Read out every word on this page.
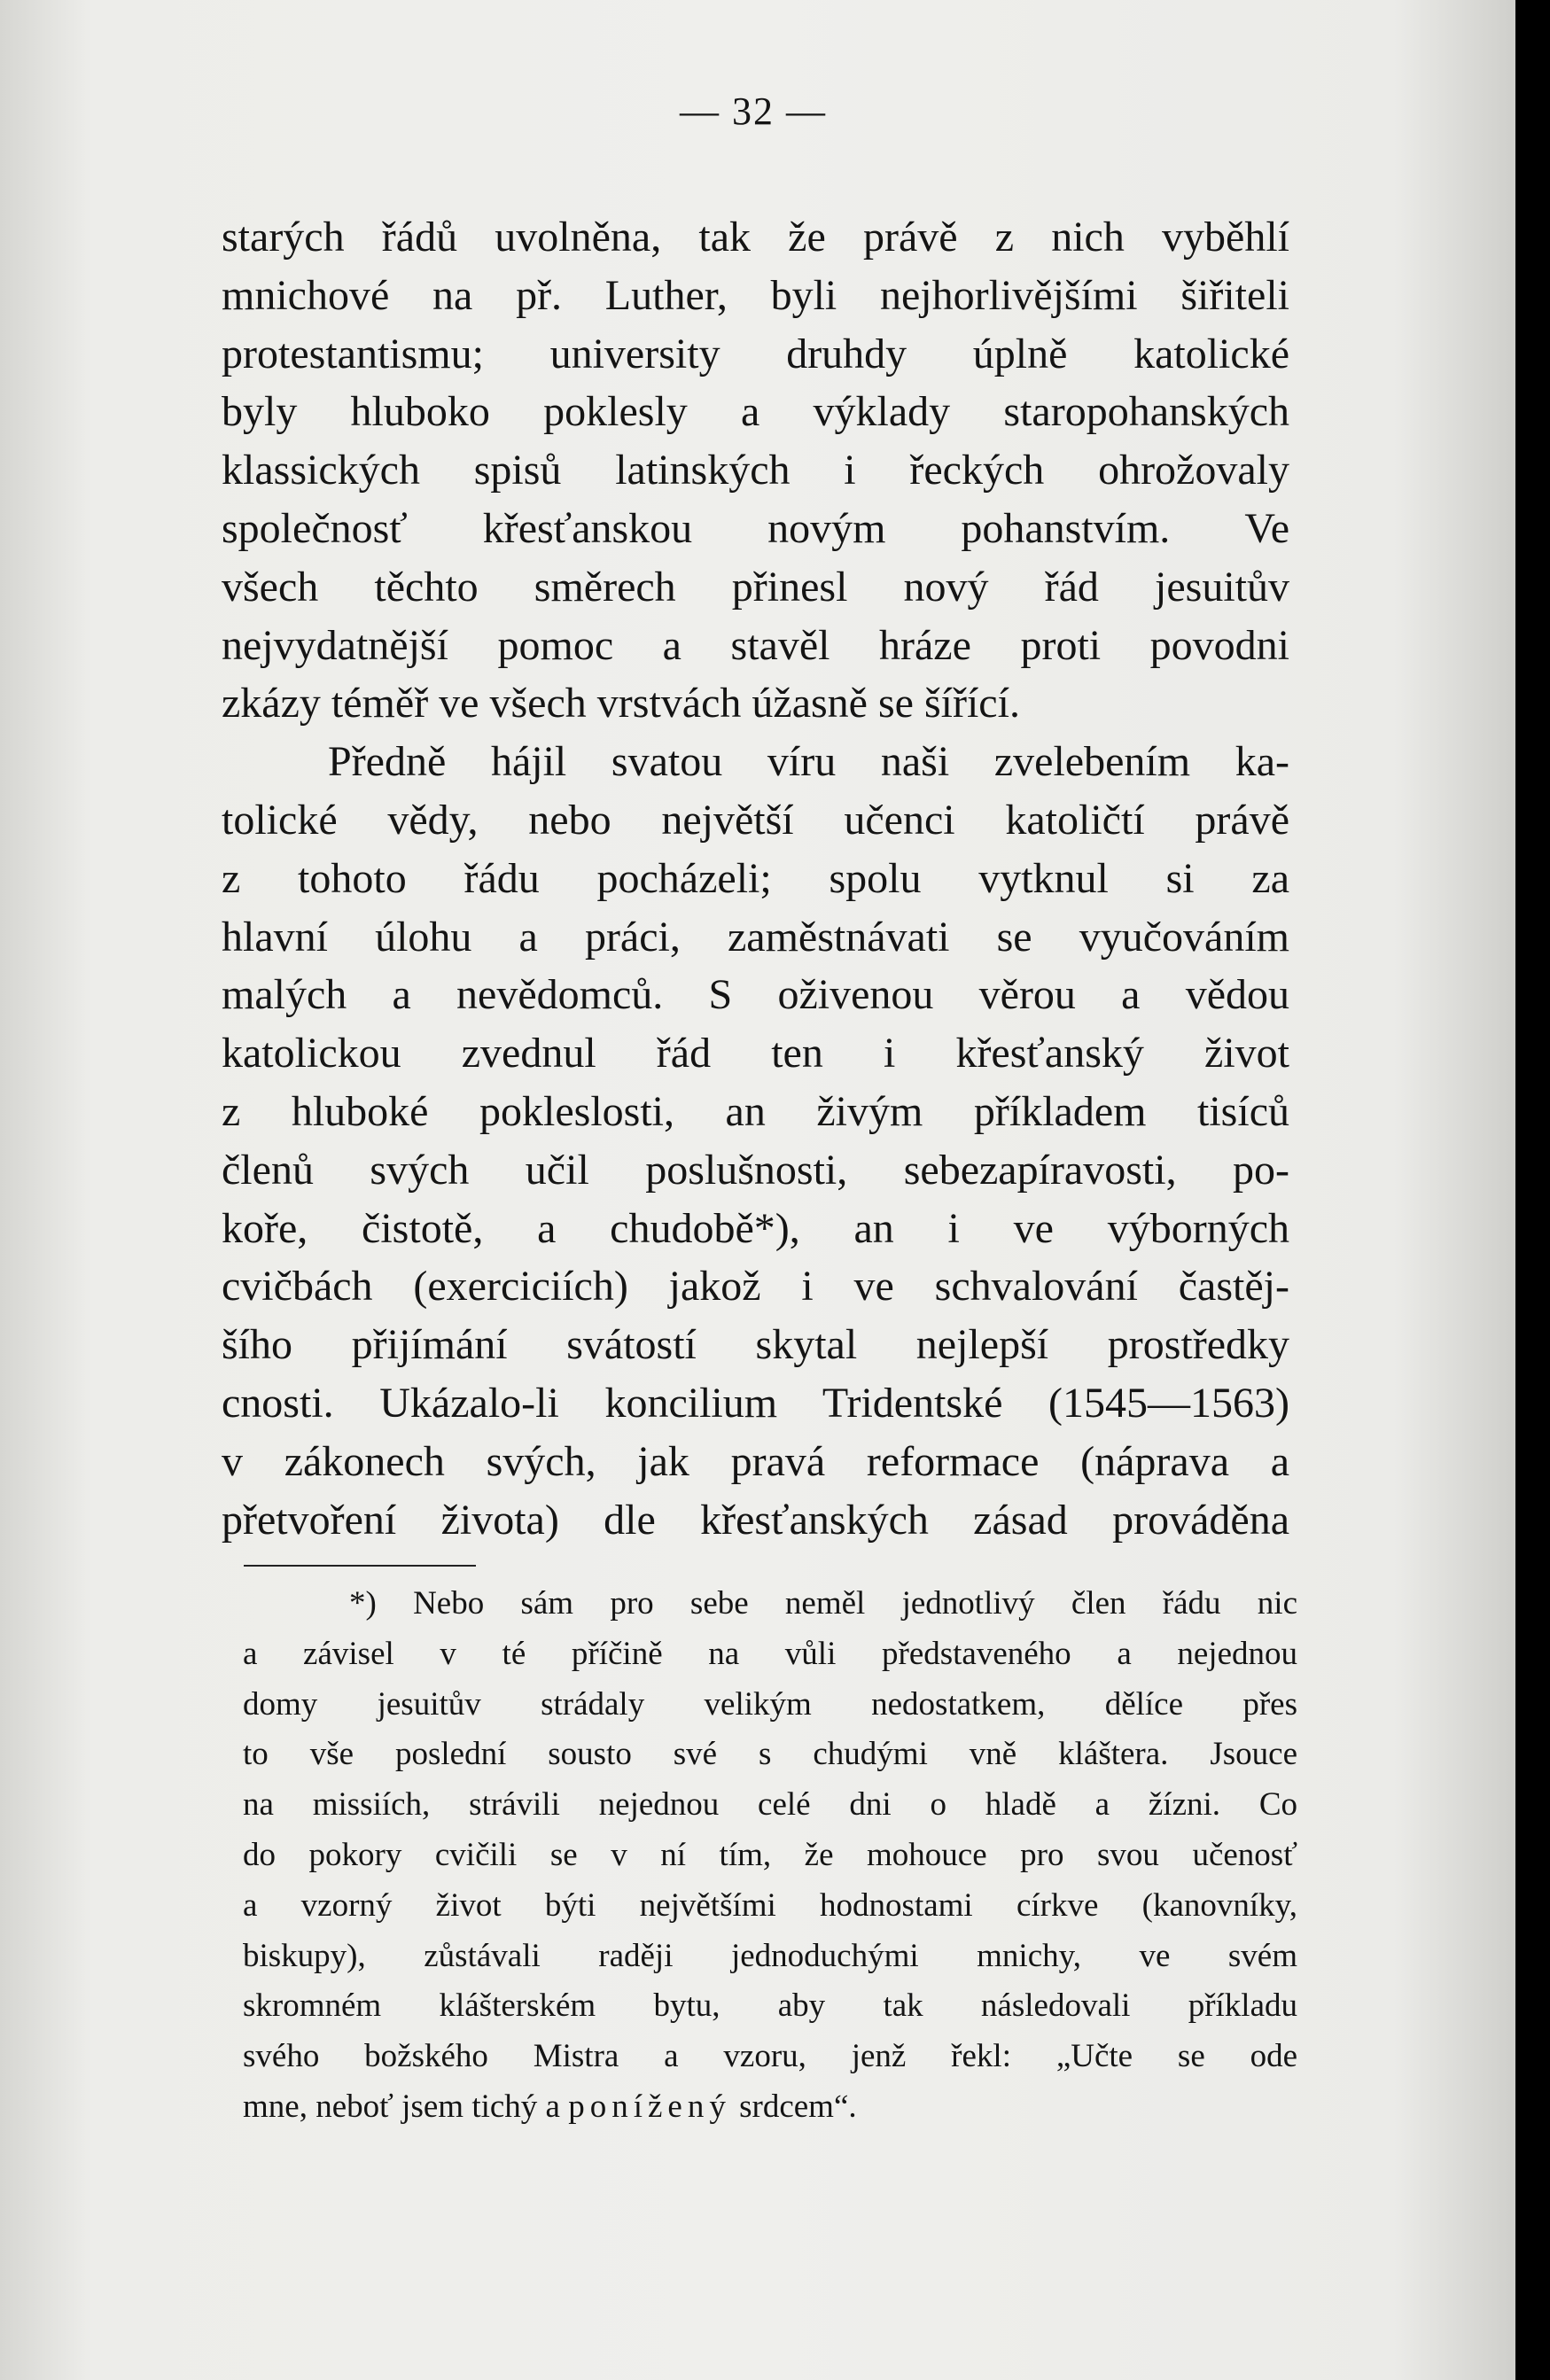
— 32 —
starých řádů uvolněna, tak že právě z nich vyběhlí
mnichové na př. Luther, byli nejhorlivějšími šiřiteli
protestantismu; university druhdy úplně katolické
byly hluboko poklesly a výklady staropohanských
klassických spisů latinských i řeckých ohrožovaly
společnosť křesťanskou novým pohanstvím. Ve
všech těchto směrech přinesl nový řád jesuitův
nejvydatnější pomoc a stavěl hráze proti povodni
zkázy téměř ve všech vrstvách úžasně se šířící.
Předně hájil svatou víru naši zvelebením ka-
tolické vědy, nebo největší učenci katoličtí právě
z tohoto řádu pocházeli; spolu vytknul si za
hlavní úlohu a práci, zaměstnávati se vyučováním
malých a nevědomců. S oživenou věrou a vědou
katolickou zvednul řád ten i křesťanský život
z hluboké pokleslosti, an živým příkladem tisíců
členů svých učil poslušnosti, sebezapíravosti, po-
koře, čistotě, a chudobě*), an i ve výborných
cvičbách (exerciciích) jakož i ve schvalování častěj-
šího přijímání svátostí skytal nejlepší prostředky
cnosti. Ukázalo-li koncilium Tridentské (1545—1563)
v zákonech svých, jak pravá reformace (náprava a
přetvoření života) dle křesťanských zásad prováděna
*) Nebo sám pro sebe neměl jednotlivý člen řádu nic
a závisel v té příčině na vůli představeného a nejednou
domy jesuitův strádaly velikým nedostatkem, dělíce přes
to vše poslední sousto své s chudými vně kláštera. Jsouce
na missiích, strávili nejednou celé dni o hladě a žízni. Co
do pokory cvičili se v ní tím, že mohouce pro svou učenosť
a vzorný život býti největšími hodnostami církve (kanovníky,
biskupy), zůstávali raději jednoduchými mnichy, ve svém
skromném klášterském bytu, aby tak následovali příkladu
svého božského Mistra a vzoru, jenž řekl: „Učte se ode
mne, neboť jsem tichý a ponížený srdcem“.
